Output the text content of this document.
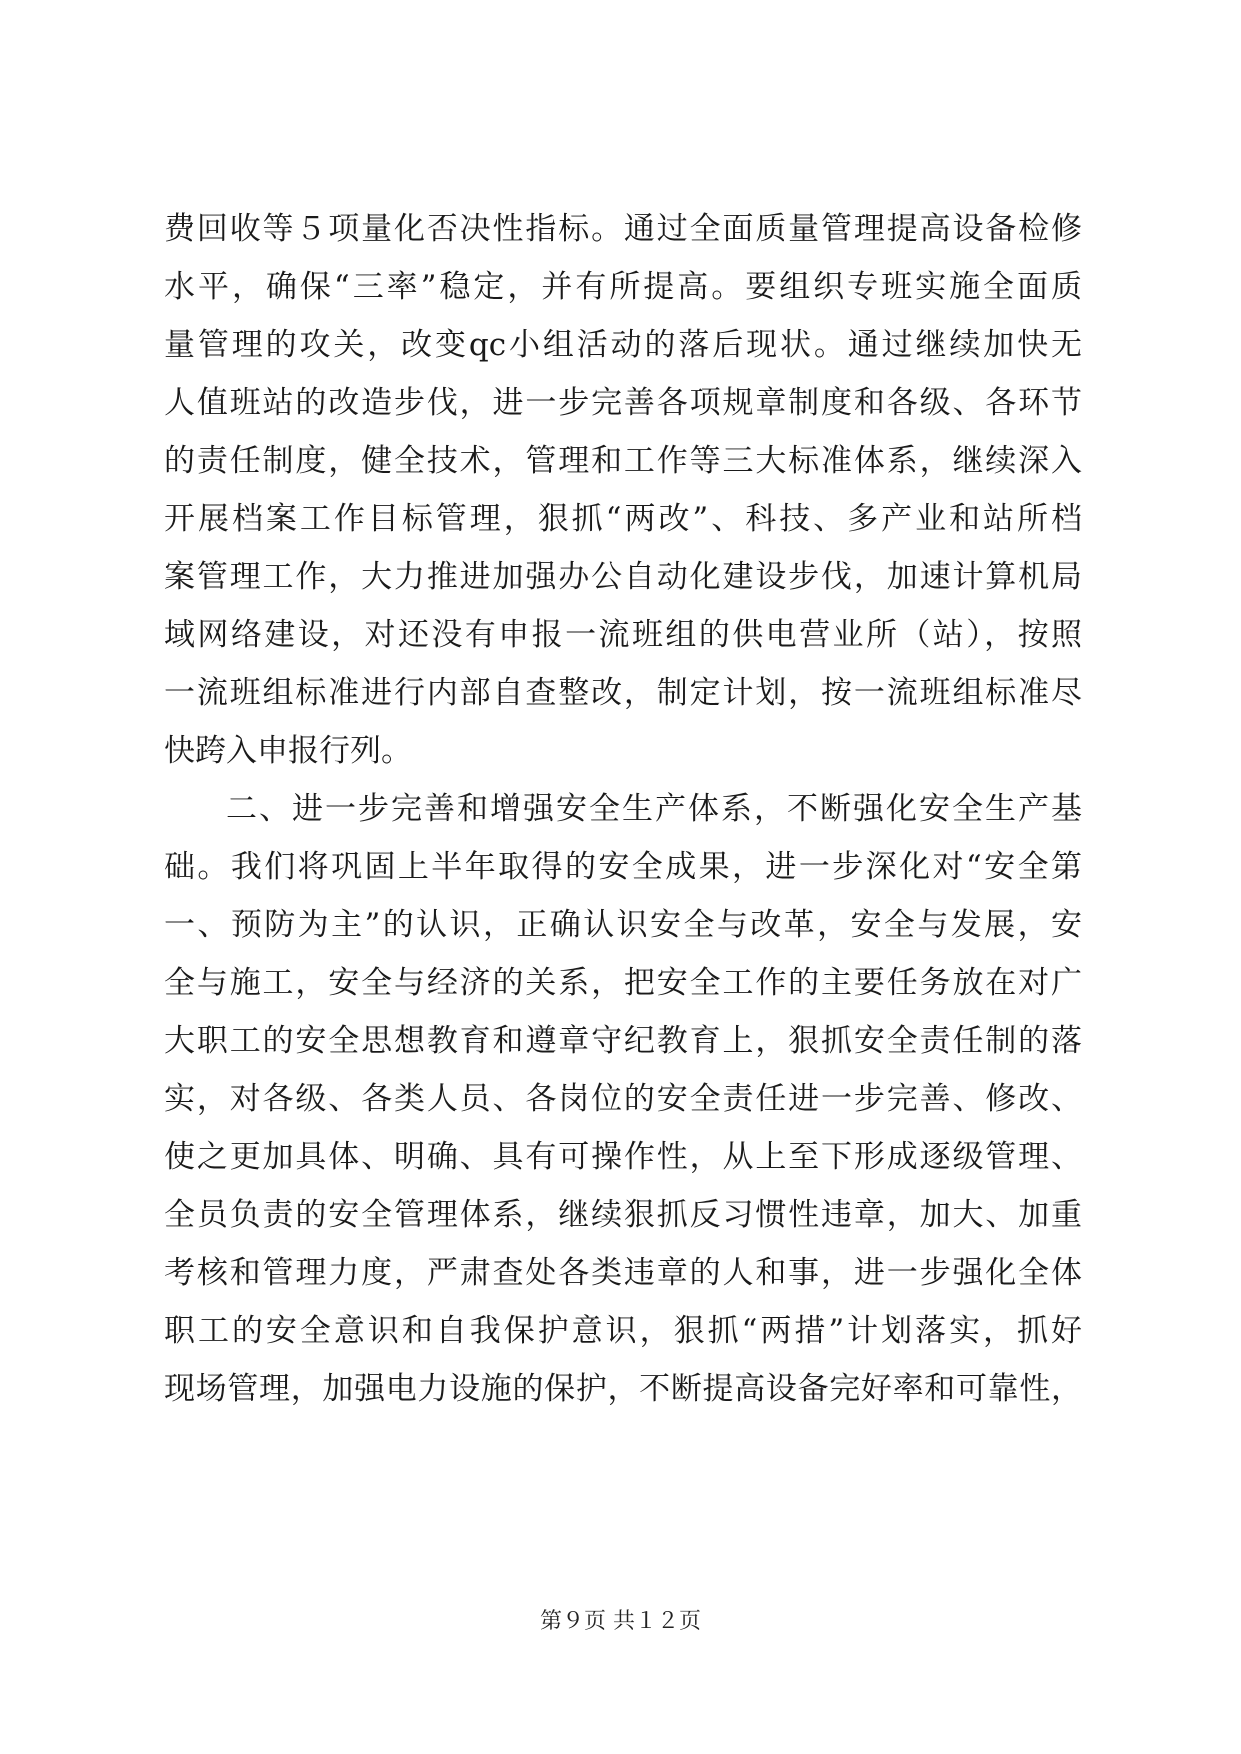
费回收等５项量化否决性指标。通过全面质量管理提高设备检修
水平，确保“三率”稳定，并有所提高。要组织专班实施全面质
量管理的攻关，改变qc小组活动的落后现状。通过继续加快无
人值班站的改造步伐，进一步完善各项规章制度和各级、各环节
的责任制度，健全技术，管理和工作等三大标准体系，继续深入
开展档案工作目标管理，狠抓“两改”、科技、多产业和站所档
案管理工作，大力推进加强办公自动化建设步伐，加速计算机局
域网络建设，对还没有申报一流班组的供电营业所（站），按照
一流班组标准进行内部自查整改，制定计划，按一流班组标准尽
快跨入申报行列。
二、进一步完善和增强安全生产体系，不断强化安全生产基
础。我们将巩固上半年取得的安全成果，进一步深化对“安全第
一、预防为主”的认识，正确认识安全与改革，安全与发展，安
全与施工，安全与经济的关系，把安全工作的主要任务放在对广
大职工的安全思想教育和遵章守纪教育上，狠抓安全责任制的落
实，对各级、各类人员、各岗位的安全责任进一步完善、修改、
使之更加具体、明确、具有可操作性，从上至下形成逐级管理、
全员负责的安全管理体系，继续狠抓反习惯性违章，加大、加重
考核和管理力度，严肃查处各类违章的人和事，进一步强化全体
职工的安全意识和自我保护意识，狠抓“两措”计划落实，抓好
现场管理，加强电力设施的保护，不断提高设备完好率和可靠性，
第９页 共１２页
